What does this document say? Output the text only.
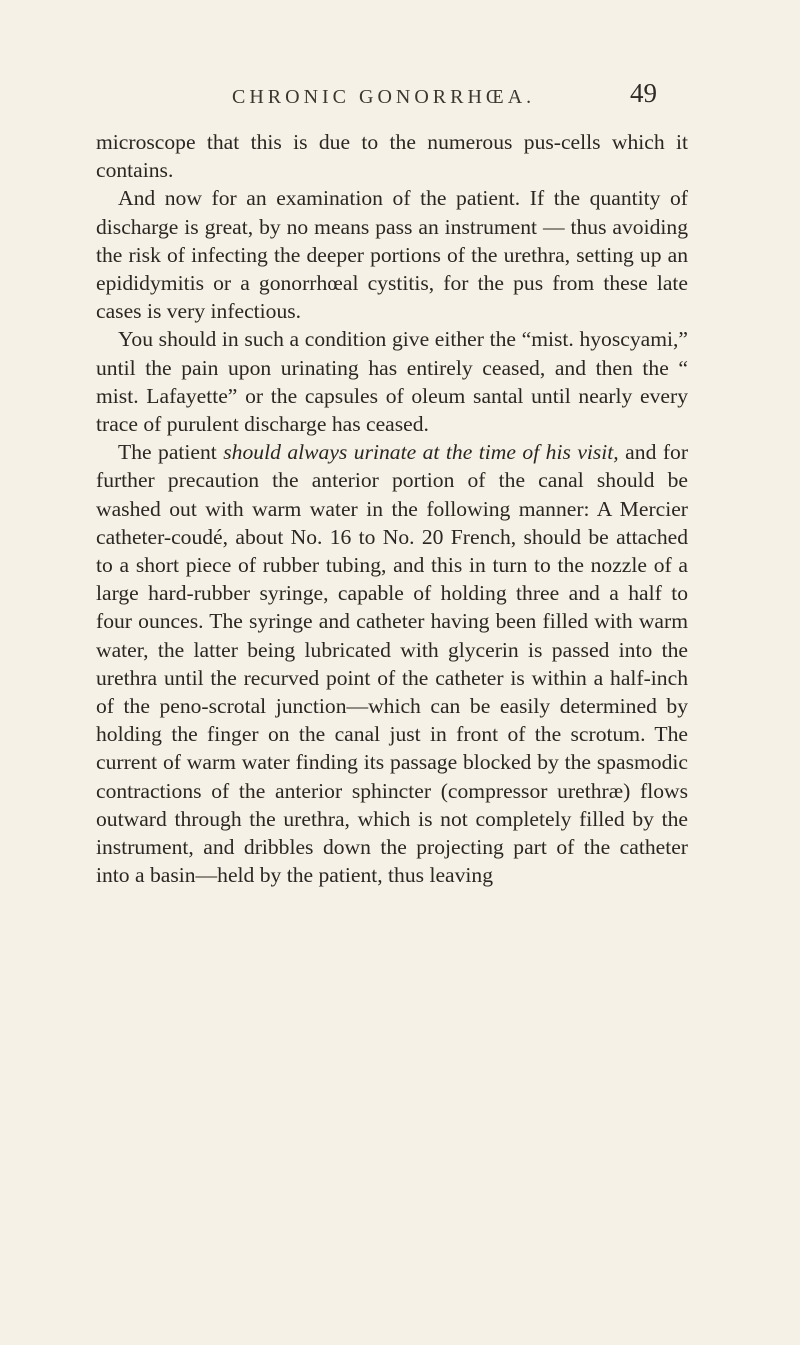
CHRONIC GONORRHŒA.	49

microscope that this is due to the numerous pus-cells which it contains.

And now for an examination of the patient. If the quantity of discharge is great, by no means pass an instrument — thus avoiding the risk of infecting the deeper portions of the urethra, setting up an epididymitis or a gonorrhœal cystitis, for the pus from these late cases is very infectious.

You should in such a condition give either the “mist. hyoscyami,” until the pain upon urinating has entirely ceased, and then the “ mist. Lafayette” or the capsules of oleum santal until nearly every trace of purulent discharge has ceased.

The patient should always urinate at the time of his visit, and for further precaution the anterior portion of the canal should be washed out with warm water in the following manner: A Mercier catheter-coudé, about No. 16 to No. 20 French, should be attached to a short piece of rubber tubing, and this in turn to the nozzle of a large hard-rubber syringe, capable of holding three and a half to four ounces. The syringe and catheter having been filled with warm water, the latter being lubricated with glycerin is passed into the urethra until the recurved point of the catheter is within a half-inch of the peno-scrotal junction—which can be easily determined by holding the finger on the canal just in front of the scrotum. The current of warm water finding its passage blocked by the spasmodic contractions of the anterior sphincter (compressor urethræ) flows outward through the urethra, which is not completely filled by the instrument, and dribbles down the projecting part of the catheter into a basin—held by the patient, thus leaving
